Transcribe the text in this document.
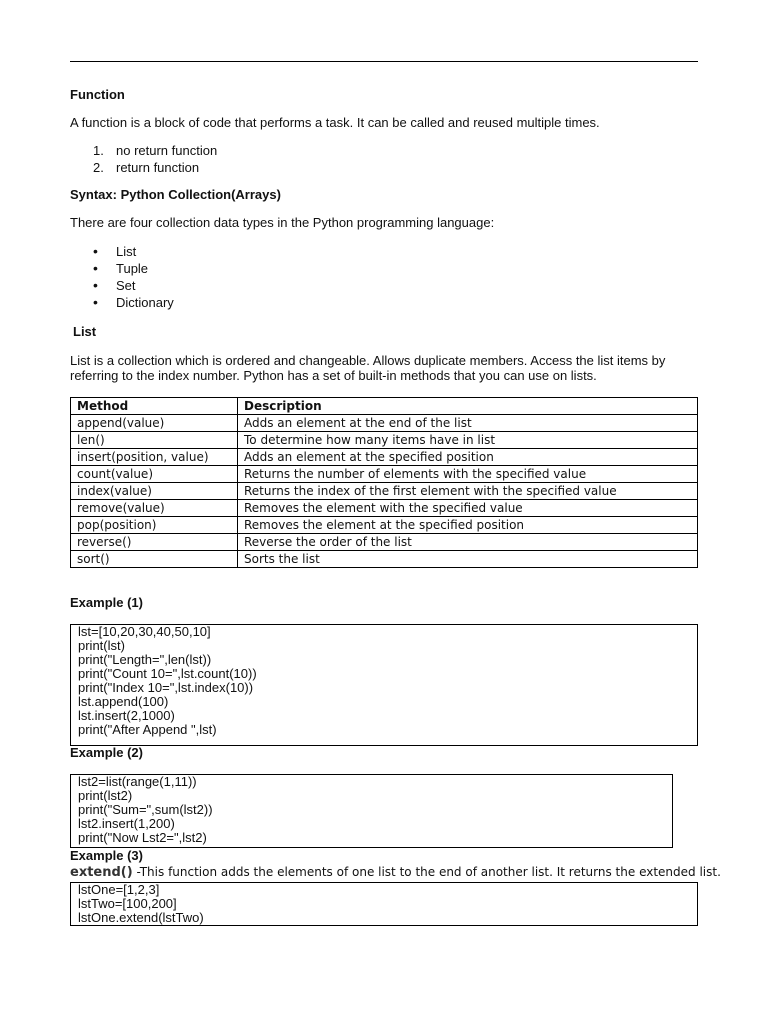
Function
A function is a block of code that performs a task. It can be called and reused multiple times.
1. no return function
2. return function
Syntax: Python Collection(Arrays)
There are four collection data types in the Python programming language:
• List
• Tuple
• Set
• Dictionary
List
List is a collection which is ordered and changeable. Allows duplicate members. Access the list items by
referring to the index number. Python has a set of built-in methods that you can use on lists.
Method	Description
append(value)	Adds an element at the end of the list
len()	To determine how many items have in list
insert(position, value)	Adds an element at the specified position
count(value)	Returns the number of elements with the specified value
index(value)	Returns the index of the first element with the specified value
remove(value)	Removes the element with the specified value
pop(position)	Removes the element at the specified position
reverse()	Reverse the order of the list
sort()	Sorts the list
Example (1)
lst=[10,20,30,40,50,10]
print(lst)
print("Length=",len(lst))
print("Count 10=",lst.count(10))
print("Index 10=",lst.index(10))
lst.append(100)
lst.insert(2,1000)
print("After Append ",lst)
Example (2)
lst2=list(range(1,11))
print(lst2)
print("Sum=",sum(lst2))
lst2.insert(1,200)
print("Now Lst2=",lst2)
Example (3)
extend() -This function adds the elements of one list to the end of another list. It returns the extended list.
lstOne=[1,2,3]
lstTwo=[100,200]
lstOne.extend(lstTwo)
